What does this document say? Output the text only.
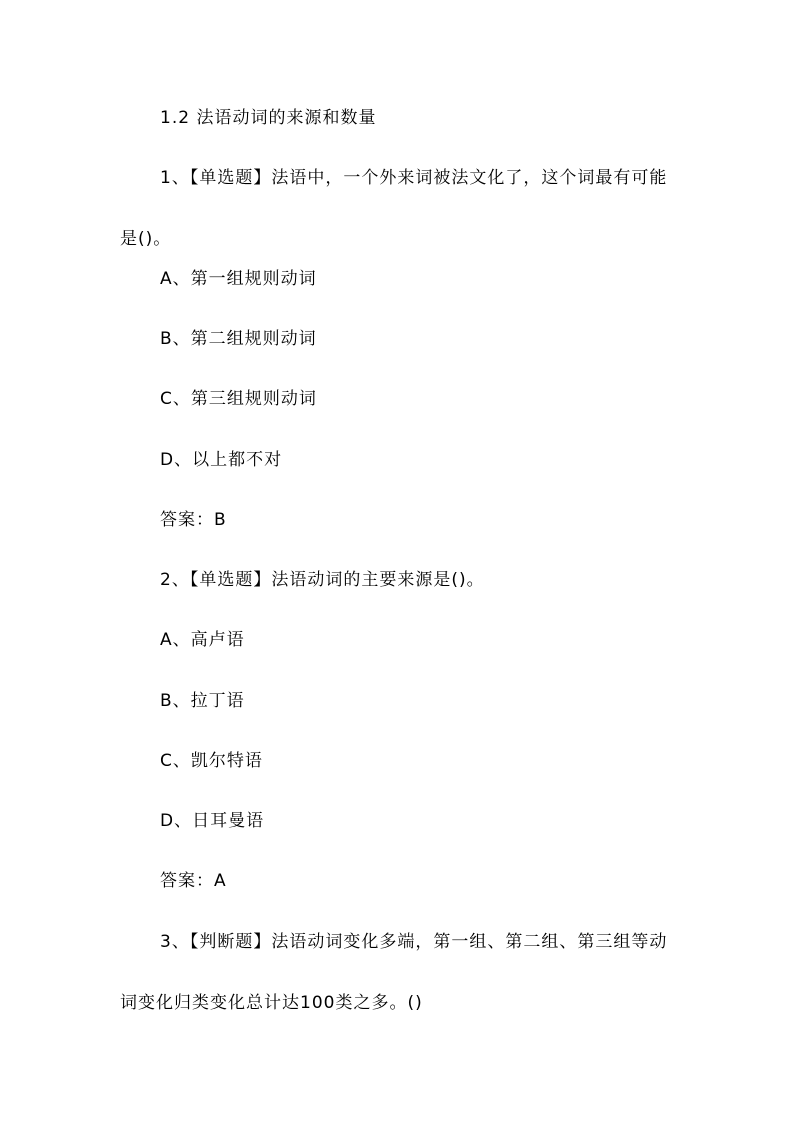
1.2 法语动词的来源和数量

1、【单选题】法语中，一个外来词被法文化了，这个词最有可能是()。

A、第一组规则动词
B、第二组规则动词
C、第三组规则动词
D、以上都不对
答案：B
2、【单选题】法语动词的主要来源是()。
A、高卢语
B、拉丁语
C、凯尔特语
D、日耳曼语
答案：A

3、【判断题】法语动词变化多端，第一组、第二组、第三组等动词变化归类变化总计达100类之多。()
